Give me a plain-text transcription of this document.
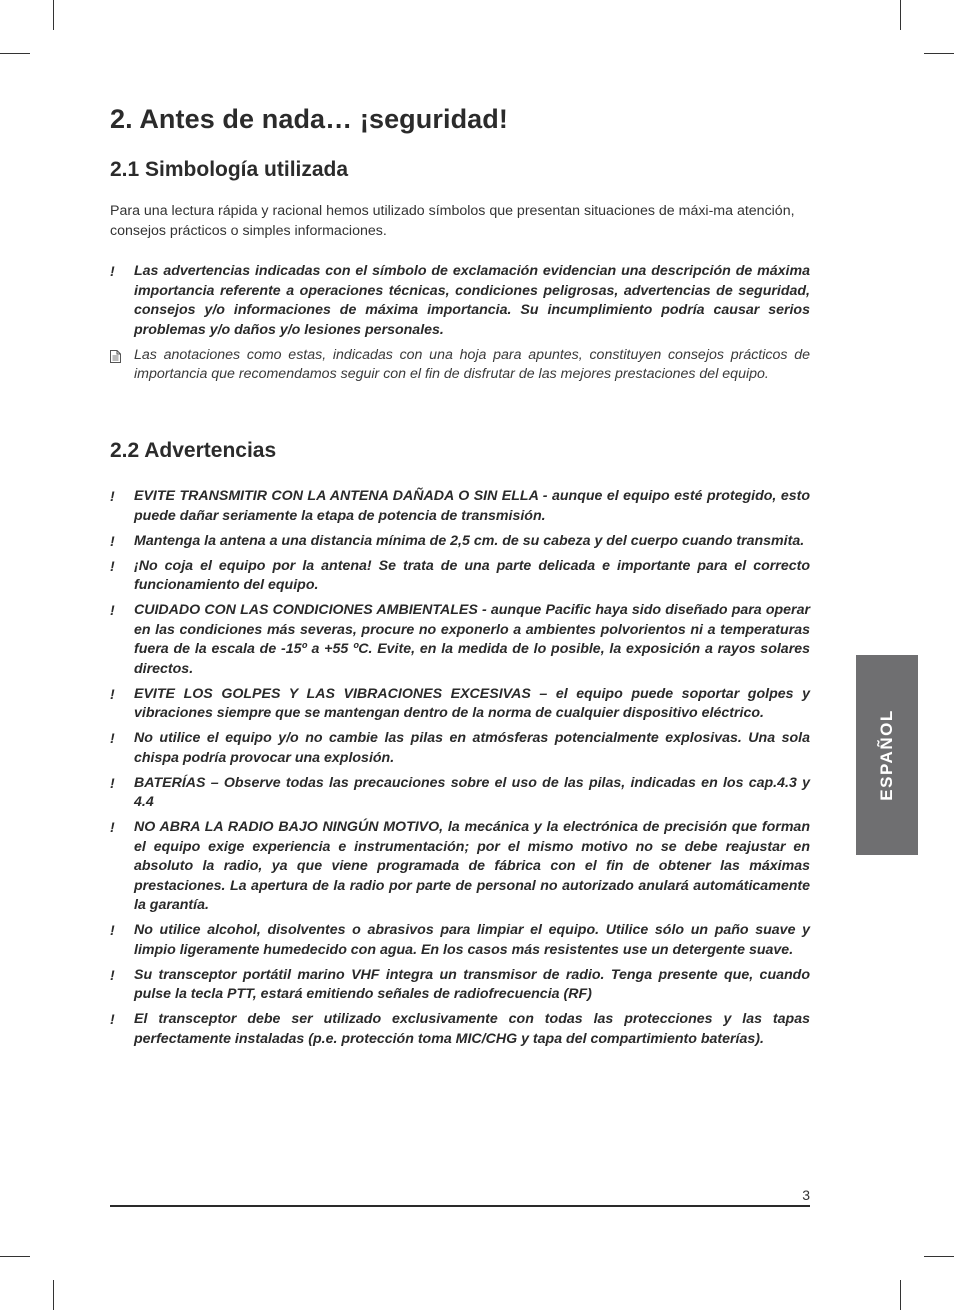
2. Antes de nada… ¡seguridad!
2.1 Simbología utilizada

Para una lectura rápida y racional hemos utilizado símbolos que presentan situaciones de máxi-ma atención, consejos prácticos o simples informaciones.

!	Las advertencias indicadas con el símbolo de exclamación evidencian una descripción de máxima importancia referente a operaciones técnicas, condiciones peligrosas, advertencias de seguridad, consejos y/o informaciones de máxima importancia. Su incumplimiento podría causar serios problemas y/o daños y/o lesiones personales.
Las anotaciones como estas, indicadas con una hoja para apuntes, constituyen consejos prácticos de importancia que recomendamos seguir con el fin de disfrutar de las mejores prestaciones del equipo.
2.2 Advertencias
!	EVITE TRANSMITIR CON LA ANTENA DAÑADA O SIN ELLA - aunque el equipo esté protegido, esto puede dañar seriamente la etapa de potencia de transmisión.
!	Mantenga la antena a una distancia mínima de 2,5 cm. de su cabeza y del cuerpo cuando transmita.
!	¡No coja el equipo por la antena! Se trata de una parte delicada e importante para el correcto funcionamiento del equipo.
!	CUIDADO CON LAS CONDICIONES AMBIENTALES - aunque Pacific haya sido diseñado para operar en las condiciones más severas, procure no exponerlo a ambientes polvorientos ni a temperaturas fuera de la escala de -15º a +55 ºC. Evite, en la medida de lo posible, la exposición a rayos solares directos.
!	EVITE LOS GOLPES Y LAS VIBRACIONES EXCESIVAS – el equipo puede soportar golpes y vibraciones siempre que se mantengan dentro de la norma de cualquier dispositivo eléctrico.
!	No utilice el equipo y/o no cambie las pilas en atmósferas potencialmente explosivas. Una sola chispa podría provocar una explosión.
!	BATERÍAS – Observe todas las precauciones sobre el uso de las pilas, indicadas en los cap.4.3 y 4.4
!	NO ABRA LA RADIO BAJO NINGÚN MOTIVO, la mecánica y la electrónica de precisión que forman el equipo exige experiencia e instrumentación; por el mismo motivo no se debe reajustar en absoluto la radio, ya que viene programada de fábrica con el fin de obtener las máximas prestaciones. La apertura de la radio por parte de personal no autorizado anulará automáticamente la garantía.
!	No utilice alcohol, disolventes o abrasivos para limpiar el equipo. Utilice sólo un paño suave y limpio ligeramente humedecido con agua. En los casos más resistentes use un detergente suave.
!	Su transceptor portátil marino VHF integra un transmisor de radio. Tenga presente que, cuando pulse la tecla PTT, estará emitiendo señales de radiofrecuencia (RF)
!	El transceptor debe ser utilizado exclusivamente con todas las protecciones y las tapas perfectamente instaladas (p.e. protección toma MIC/CHG y tapa del compartimiento baterías).
ESPAÑOL
3
